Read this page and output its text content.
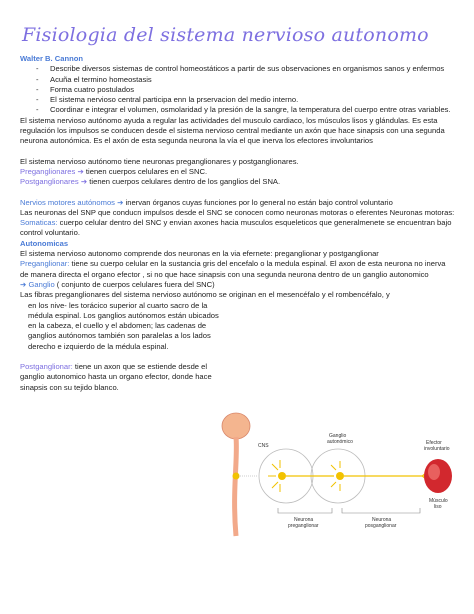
Fisiologia del sistema nervioso autonomo
Walter B. Cannon
- Describe diversos sistemas de control homeostáticos a partir de sus observaciones en organismos sanos y enfermos
- Acuña el termino homeostasis
- Forma cuatro postulados
- El sistema nervioso central participa enn la prservacion del medio interno.
- Coordinar e integrar el volumen, osmolaridad y la presión de la sangre, la temperatura del cuerpo entre otras variables.

El sistema nervioso autónomo ayuda a regular las actividades del musculo cardiaco, los músculos lisos y glándulas. Es esta regulación los impulsos se conducen desde el sistema nervioso central mediante un axón que hace sinapsis con una segunda neurona autonómica. Es el axón de esta segunda neurona la vía el que inerva los efectores involuntarios

El sistema nervioso autónomo tiene neuronas preganglionares y postganglionares.

Preganglionares ➔ tienen cuerpos celulares en el SNC.

Postganglionares ➔ tienen cuerpos celulares dentro de los ganglios del SNA.

Nervios motores autónomos ➔ inervan órganos cuyas funciones por lo general no están bajo control voluntario

Las neuronas del SNP que conducn impulsos desde el SNC se conocen como neuronas motoras o eferentes Neuronas motoras:

Somaticas: cuerpo celular dentro del SNC y envian axones hacia musculos esqueleticos que generalmenete se encuentran bajo control voluntario.

Autonomicas

El sistema nervioso autonomo comprende dos neuronas en la via efernete: preganglionar y postganglionar

Preganglionar: tiene su cuerpo celular en la sustancia gris del encefalo o la medula espinal. El axon de esta neurona no inerva de manera directa el organo efector , si no que hace sinapsis con una segunda neurona dentro de un ganglio autonomico

➔ Ganglio ( conjunto de cuerpos celulares fuera del SNC)

Las fibras preganglionares del sistema nervioso autónomo se originan en el mesencéfalo y el rombencéfalo, y

en los nive- les torácico superior al cuarto sacro de la médula espinal. Los ganglios autónomos están ubicados en la cabeza, el cuello y el abdomen; las cadenas de ganglios autónomos también son paralelas a los lados derecho e izquierdo de la médula espinal.

Postganglionar: tiene un axon que se estiende desde el ganglio autonomico hasta un organo efector, donde hace sinapsis con su tejido blanco.

CNS
Ganglio
autonómico	Efector
involuntario
Músculo
liso
Neurona
preganglionar
Neurona
posganglionar
